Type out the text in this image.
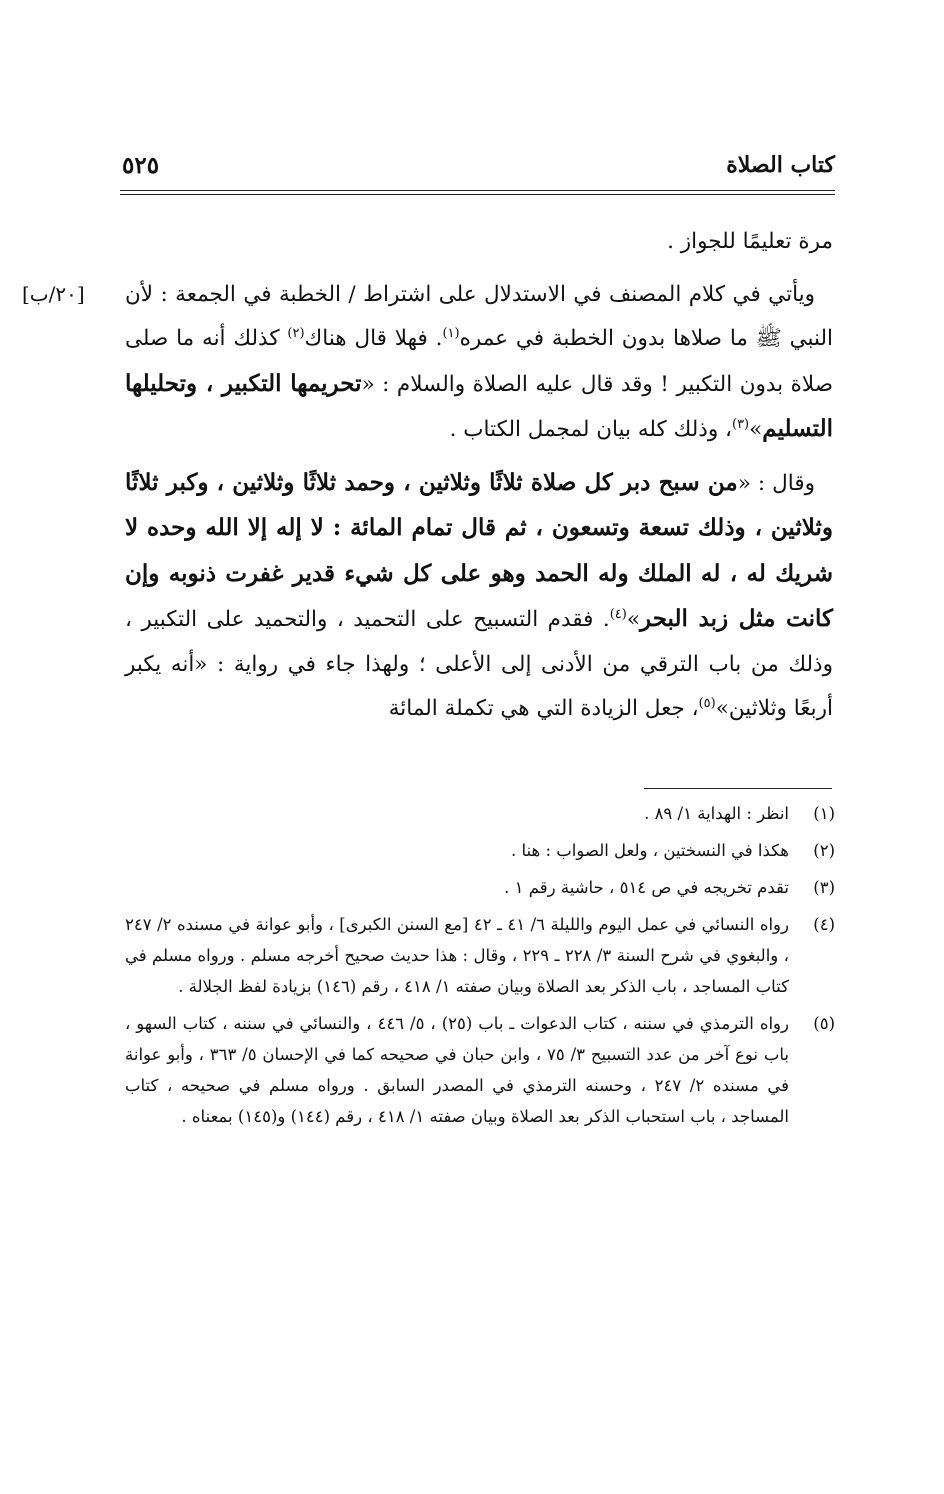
كتاب الصلاة
٥٢٥
[٢٠/ب]

مرة تعليمًا للجواز .

ويأتي في كلام المصنف في الاستدلال على اشتراط / الخطبة في الجمعة : لأن النبي ﷺ ما صلاها بدون الخطبة في عمره$^{(١)}$. فهلا قال هناك$^{(٢)}$ كذلك أنه ما صلى صلاة بدون التكبير ! وقد قال عليه الصلاة والسلام : «تحريمها التكبير ، وتحليلها التسليم»$^{(٣)}$، وذلك كله بيان لمجمل الكتاب .

وقال : «من سبح دبر كل صلاة ثلاثًا وثلاثين ، وحمد ثلاثًا وثلاثين ، وكبر ثلاثًا وثلاثين ، وذلك تسعة وتسعون ، ثم قال تمام المائة : لا إله إلا الله وحده لا شريك له ، له الملك وله الحمد وهو على كل شيء قدير غفرت ذنوبه وإن كانت مثل زبد البحر»$^{(٤)}$. فقدم التسبيح على التحميد ، والتحميد على التكبير ، وذلك من باب الترقي من الأدنى إلى الأعلى ؛ ولهذا جاء في رواية : «أنه يكبر أربعًا وثلاثين»$^{(٥)}$، جعل الزيادة التي هي تكملة المائة

(١)
انظر : الهداية ١/ ٨٩ .
(٢)
هكذا في النسختين ، ولعل الصواب : هنا .
(٣)
تقدم تخريجه في ص ٥١٤ ، حاشية رقم ١ .
(٤)
رواه النسائي في عمل اليوم والليلة ٦/ ٤١ ـ ٤٢ [مع السنن الكبرى] ، وأبو عوانة في مسنده ٢/ ٢٤٧ ، والبغوي في شرح السنة ٣/ ٢٢٨ ـ ٢٢٩ ، وقال : هذا حديث صحيح أخرجه مسلم . ورواه مسلم في كتاب المساجد ، باب الذكر بعد الصلاة وبيان صفته ١/ ٤١٨ ، رقم (١٤٦) بزيادة لفظ الجلالة .
(٥)
رواه الترمذي في سننه ، كتاب الدعوات ـ باب (٢٥) ، ٥/ ٤٤٦ ، والنسائي في سننه ، كتاب السهو ، باب نوع آخر من عدد التسبيح ٣/ ٧٥ ، وابن حبان في صحيحه كما في الإحسان ٥/ ٣٦٣ ، وأبو عوانة في مسنده ٢/ ٢٤٧ ، وحسنه الترمذي في المصدر السابق . ورواه مسلم في صحيحه ، كتاب المساجد ، باب استحباب الذكر بعد الصلاة وبيان صفته ١/ ٤١٨ ، رقم (١٤٤) و(١٤٥) بمعناه .
